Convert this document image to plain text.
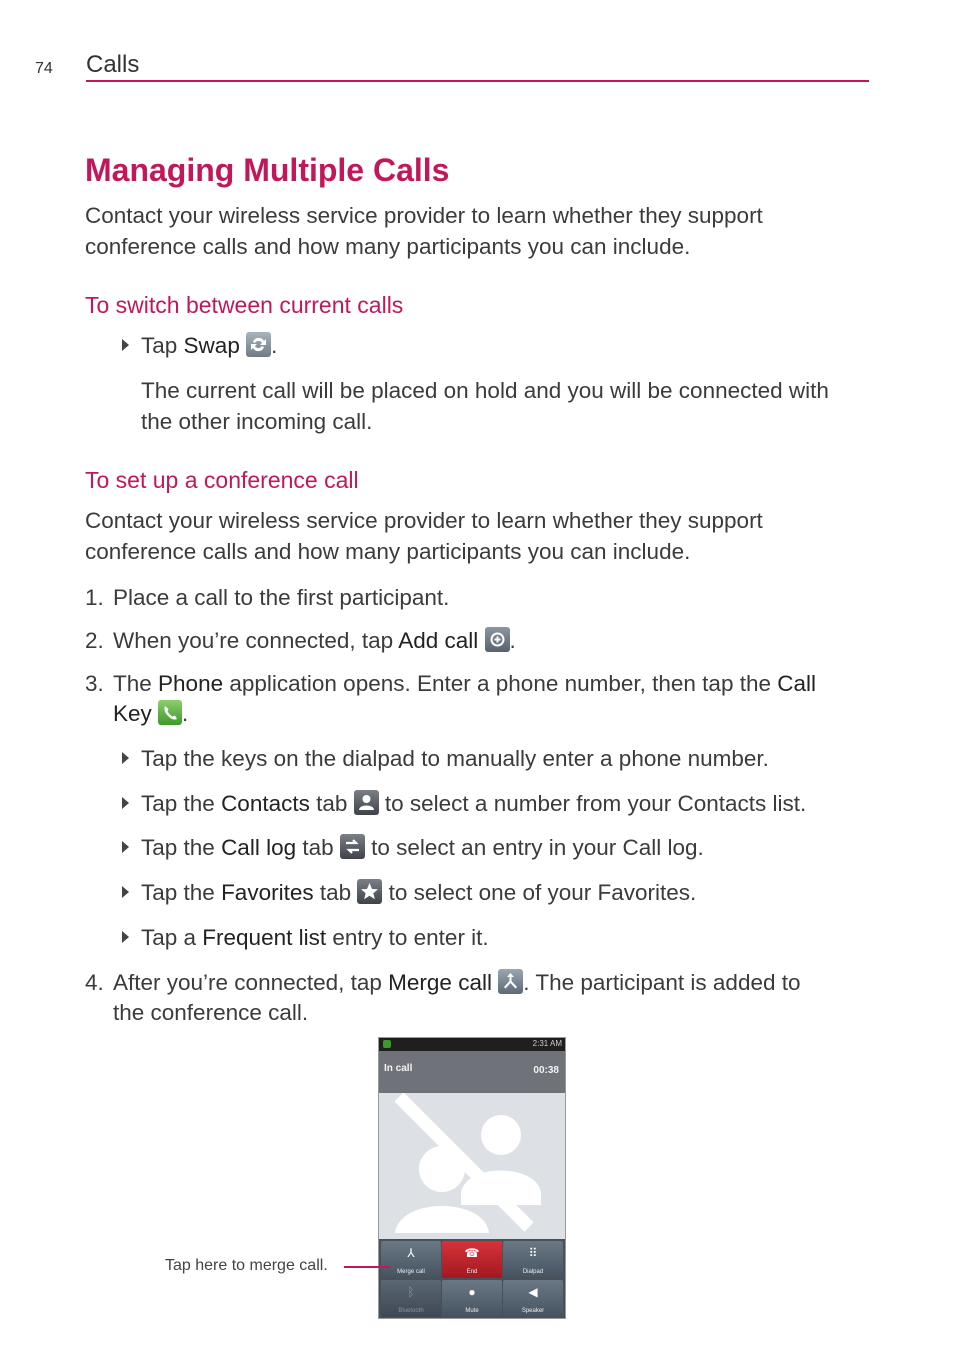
74 Calls
Managing Multiple Calls
Contact your wireless service provider to learn whether they support
conference calls and how many participants you can include.
To switch between current calls
Tap Swap .
The current call will be placed on hold and you will be connected with
the other incoming call.
To set up a conference call
Contact your wireless service provider to learn whether they support
conference calls and how many participants you can include.
1. Place a call to the first participant.
2. When you’re connected, tap Add call .
3. The Phone application opens. Enter a phone number, then tap the Call
Key .
Tap the keys on the dialpad to manually enter a phone number.
Tap the Contacts tab
to select a number from your Contacts list.
Tap the Call log tab
to select an entry in your Call log.
Tap the Favorites tab
to select one of your Favorites.
Tap a Frequent list entry to enter it.
4. After you’re connected, tap Merge call . The participant is added to
the conference call.
2:31 AM
In call	00:38
⅄
Merge call
☎
End
⠿
Dialpad
ᛒ
Bluetooth
●
Mute
◀
Speaker
Tap here to merge call.
